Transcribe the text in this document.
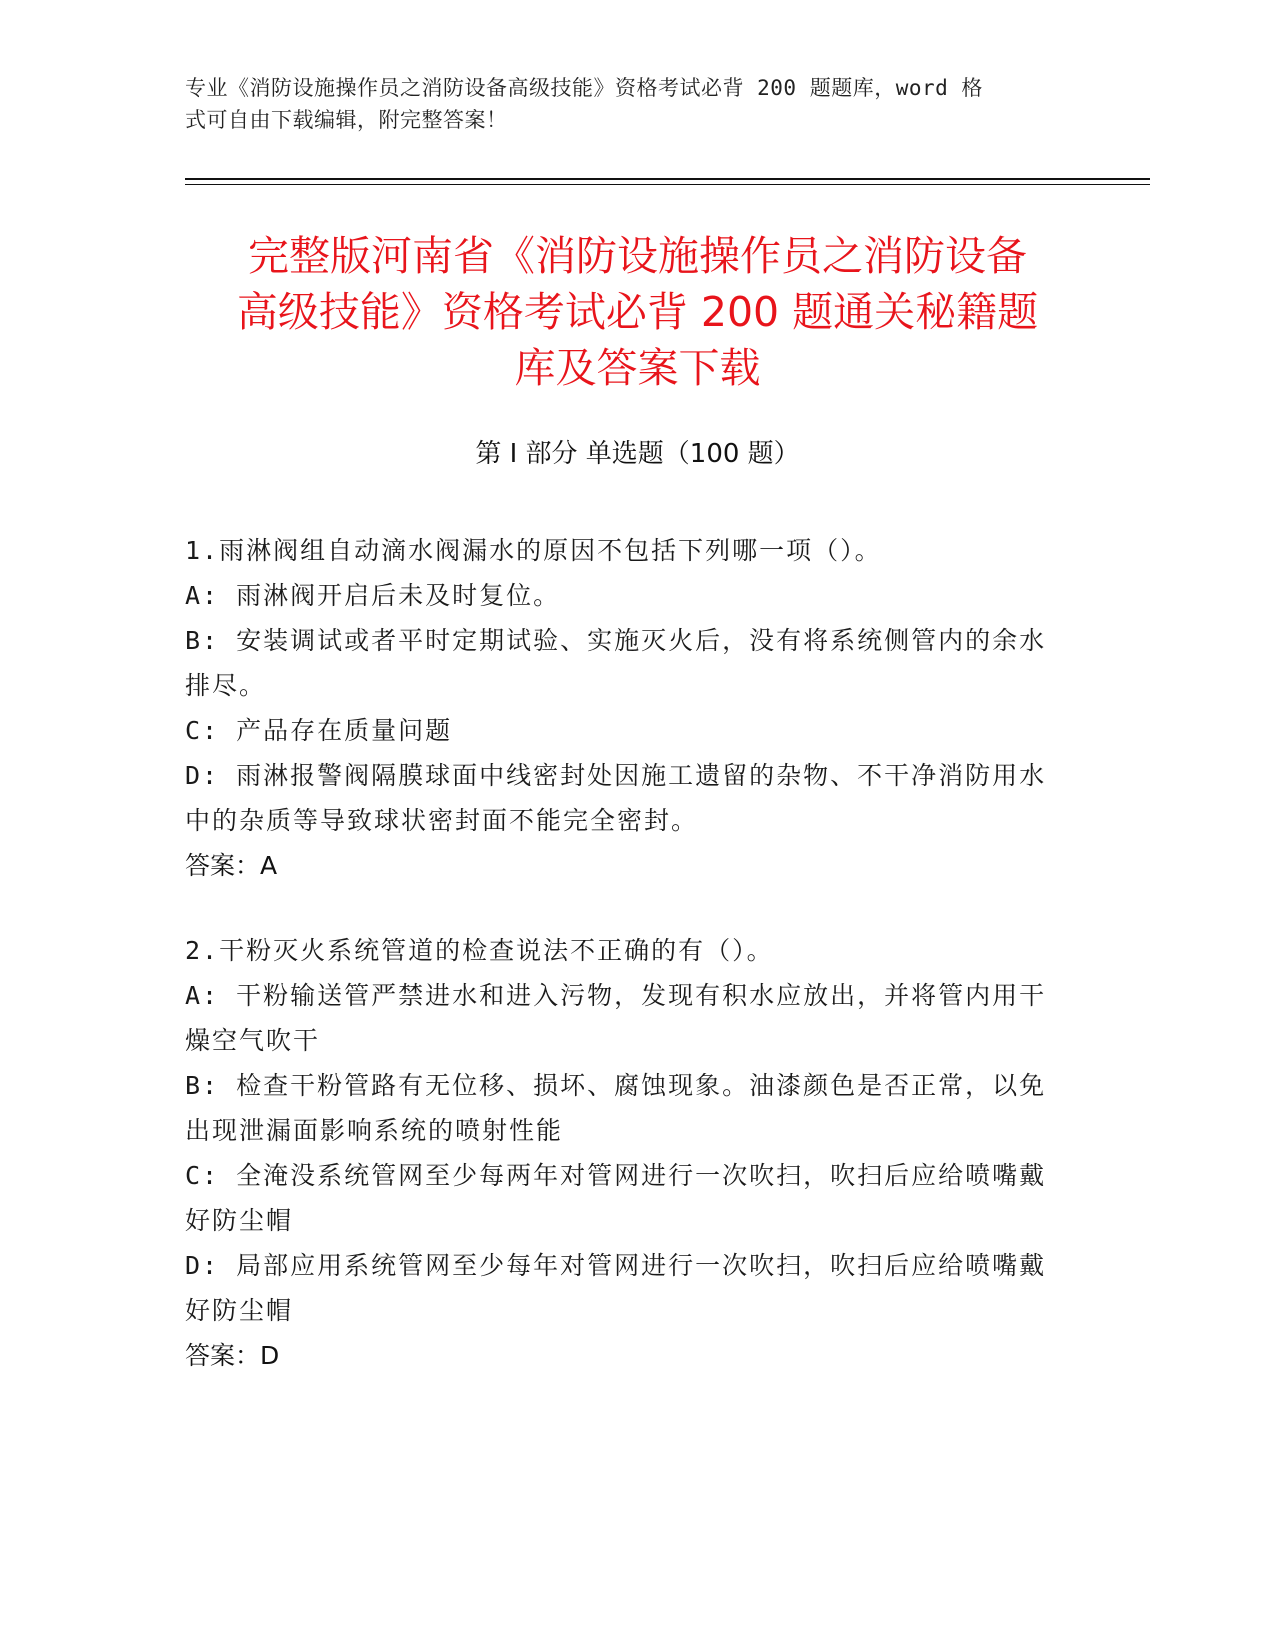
专业《消防设施操作员之消防设备高级技能》资格考试必背 200 题题库，word 格
式可自由下载编辑，附完整答案！
完整版河南省《消防设施操作员之消防设备
高级技能》资格考试必背 200 题通关秘籍题
库及答案下载
第 I 部分 单选题（100 题）
1.雨淋阀组自动滴水阀漏水的原因不包括下列哪一项（）。
A: 雨淋阀开启后未及时复位。
B: 安装调试或者平时定期试验、实施灭火后，没有将系统侧管内的余水排尽。
C: 产品存在质量问题
D: 雨淋报警阀隔膜球面中线密封处因施工遗留的杂物、不干净消防用水中的杂质等导致球状密封面不能完全密封。
答案：A
2.干粉灭火系统管道的检查说法不正确的有（）。
A: 干粉输送管严禁进水和进入污物，发现有积水应放出，并将管内用干燥空气吹干
B: 检查干粉管路有无位移、损坏、腐蚀现象。油漆颜色是否正常，以免出现泄漏面影响系统的喷射性能
C: 全淹没系统管网至少每两年对管网进行一次吹扫，吹扫后应给喷嘴戴好防尘帽
D: 局部应用系统管网至少每年对管网进行一次吹扫，吹扫后应给喷嘴戴好防尘帽
答案：D
